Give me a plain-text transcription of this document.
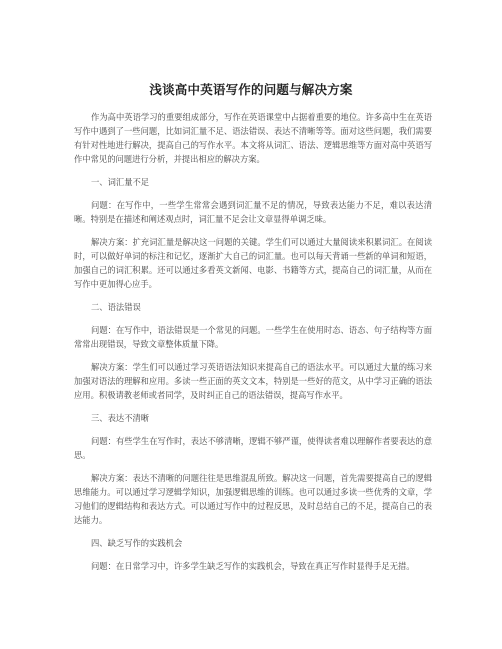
浅谈高中英语写作的问题与解决方案

作为高中英语学习的重要组成部分，写作在英语课堂中占据着重要的地位。许多高中生在英语写作中遇到了一些问题，比如词汇量不足、语法错误、表达不清晰等等。面对这些问题，我们需要有针对性地进行解决，提高自己的写作水平。本文将从词汇、语法、逻辑思维等方面对高中英语写作中常见的问题进行分析，并提出相应的解决方案。

一、词汇量不足

问题：在写作中，一些学生常常会遇到词汇量不足的情况，导致表达能力不足，难以表达清晰。特别是在描述和阐述观点时，词汇量不足会让文章显得单调乏味。

解决方案：扩充词汇量是解决这一问题的关键。学生们可以通过大量阅读来积累词汇。在阅读时，可以做好单词的标注和记忆，逐渐扩大自己的词汇量。也可以每天背诵一些新的单词和短语，加强自己的词汇积累。还可以通过多看英文新闻、电影、书籍等方式，提高自己的词汇量，从而在写作中更加得心应手。

二、语法错误

问题：在写作中，语法错误是一个常见的问题。一些学生在使用时态、语态、句子结构等方面常常出现错误，导致文章整体质量下降。

解决方案：学生们可以通过学习英语语法知识来提高自己的语法水平。可以通过大量的练习来加强对语法的理解和应用。多读一些正面的英文文本，特别是一些好的范文，从中学习正确的语法应用。积极请教老师或者同学，及时纠正自己的语法错误，提高写作水平。

三、表达不清晰

问题：有些学生在写作时，表达不够清晰，逻辑不够严谨，使得读者难以理解作者要表达的意思。

解决方案：表达不清晰的问题往往是思维混乱所致。解决这一问题，首先需要提高自己的逻辑思维能力。可以通过学习逻辑学知识，加强逻辑思维的训练。也可以通过多读一些优秀的文章，学习他们的逻辑结构和表达方式。可以通过写作中的过程反思，及时总结自己的不足，提高自己的表达能力。

四、缺乏写作的实践机会

问题：在日常学习中，许多学生缺乏写作的实践机会，导致在真正写作时显得手足无措。
